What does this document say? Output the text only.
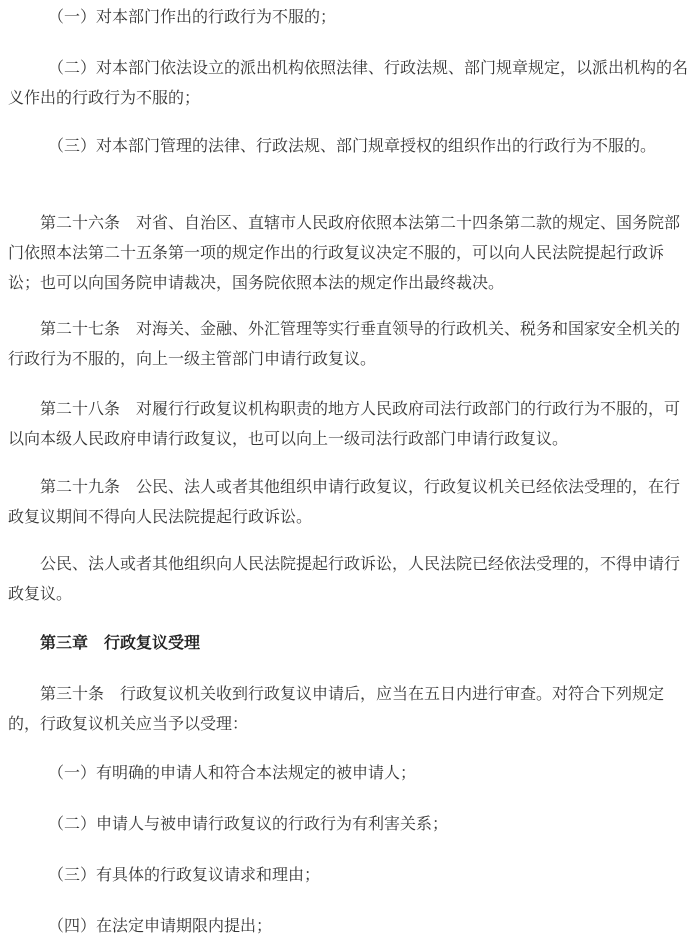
（一）对本部门作出的行政行为不服的；

（二）对本部门依法设立的派出机构依照法律、行政法规、部门规章规定，以派出机构的名义作出的行政行为不服的；

（三）对本部门管理的法律、行政法规、部门规章授权的组织作出的行政行为不服的。

第二十六条　对省、自治区、直辖市人民政府依照本法第二十四条第二款的规定、国务院部门依照本法第二十五条第一项的规定作出的行政复议决定不服的，可以向人民法院提起行政诉讼；也可以向国务院申请裁决，国务院依照本法的规定作出最终裁决。

第二十七条　对海关、金融、外汇管理等实行垂直领导的行政机关、税务和国家安全机关的行政行为不服的，向上一级主管部门申请行政复议。

第二十八条　对履行行政复议机构职责的地方人民政府司法行政部门的行政行为不服的，可以向本级人民政府申请行政复议，也可以向上一级司法行政部门申请行政复议。

第二十九条　公民、法人或者其他组织申请行政复议，行政复议机关已经依法受理的，在行政复议期间不得向人民法院提起行政诉讼。

公民、法人或者其他组织向人民法院提起行政诉讼，人民法院已经依法受理的，不得申请行政复议。

第三章　行政复议受理

第三十条　行政复议机关收到行政复议申请后，应当在五日内进行审查。对符合下列规定的，行政复议机关应当予以受理：

（一）有明确的申请人和符合本法规定的被申请人；

（二）申请人与被申请行政复议的行政行为有利害关系；

（三）有具体的行政复议请求和理由；

（四）在法定申请期限内提出；
